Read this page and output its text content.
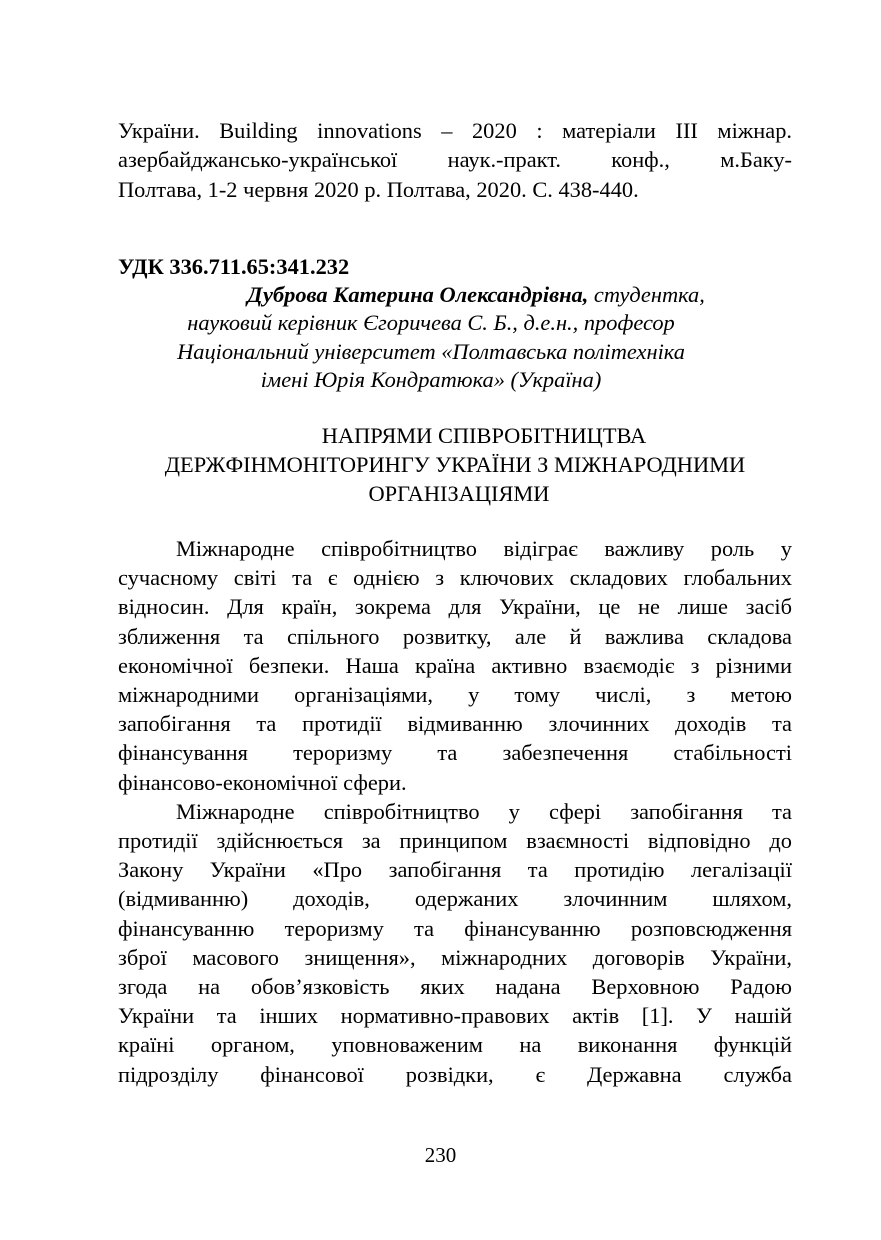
України. Building innovations – 2020 : матеріали III міжнар.
азербайджансько-української наук.-практ. конф., м.Баку-
Полтава, 1-2 червня 2020 р. Полтава, 2020. С. 438-440.

УДК 336.711.65:341.232

Дуброва Катерина Олександрівна, студентка,
науковий керівник Єгоричева С. Б., д.е.н., професор
Національний університет «Полтавська політехніка
імені Юрія Кондратюка» (Україна)

НАПРЯМИ СПІВРОБІТНИЦТВА
ДЕРЖФІНМОНІТОРИНГУ УКРАЇНИ З МІЖНАРОДНИМИ
ОРГАНІЗАЦІЯМИ

Міжнародне співробітництво відіграє важливу роль у
сучасному світі та є однією з ключових складових глобальних
відносин. Для країн, зокрема для України, це не лише засіб
зближення та спільного розвитку, але й важлива складова
економічної безпеки. Наша країна активно взаємодіє з різними
міжнародними організаціями, у тому числі, з метою
запобігання та протидії відмиванню злочинних доходів та
фінансування тероризму та забезпечення стабільності
фінансово-економічної сфери.

Міжнародне співробітництво у сфері запобігання та
протидії здійснюється за принципом взаємності відповідно до
Закону України «Про запобігання та протидію легалізації
(відмиванню) доходів, одержаних злочинним шляхом,
фінансуванню тероризму та фінансуванню розповсюдження
зброї масового знищення», міжнародних договорів України,
згода на обов’язковість яких надана Верховною Радою
України та інших нормативно-правових актів [1]. У нашій
країні органом, уповноваженим на виконання функцій
підрозділу фінансової розвідки, є Державна служба

230
